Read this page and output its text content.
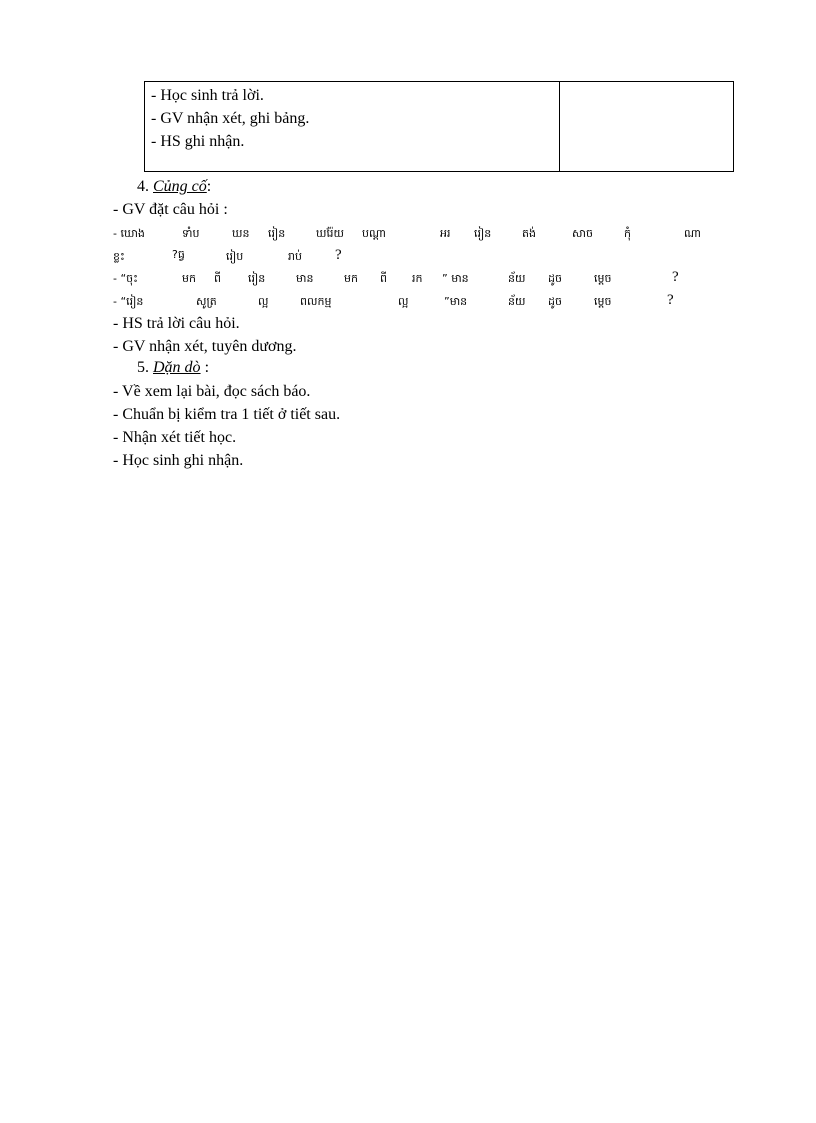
- Học sinh trả lời.
- GV nhận xét, ghi bảng.
- HS ghi nhận.
4. Củng cố:
- GV đặt câu hỏi :
- ឃោង	ទាំប	ឃន រៀន	ឃរ៉ែយ បណ្ដា	អរ រៀន	តង់	សាច	កុំ	ណា
ខ្លះ	?ធ្វ	រៀប	រាប់ ?
- “ចុះ	មក ពី រៀន	មាន	មក ពី រក ” មាន	ន័យ ដូច	ម្ដេច	?
- “រៀន	សូត្រ	ល្អ	ពលកម្ម	ល្អ	”មាន	ន័យ ដូច	ម្ដេច	?
- HS trả lời câu hỏi.
- GV nhận xét, tuyên dương.
5. Dặn dò :
- Về xem lại bài, đọc sách báo.
- Chuẩn bị kiểm tra 1 tiết ở tiết sau.
- Nhận xét tiết học.
- Học sinh ghi nhận.
